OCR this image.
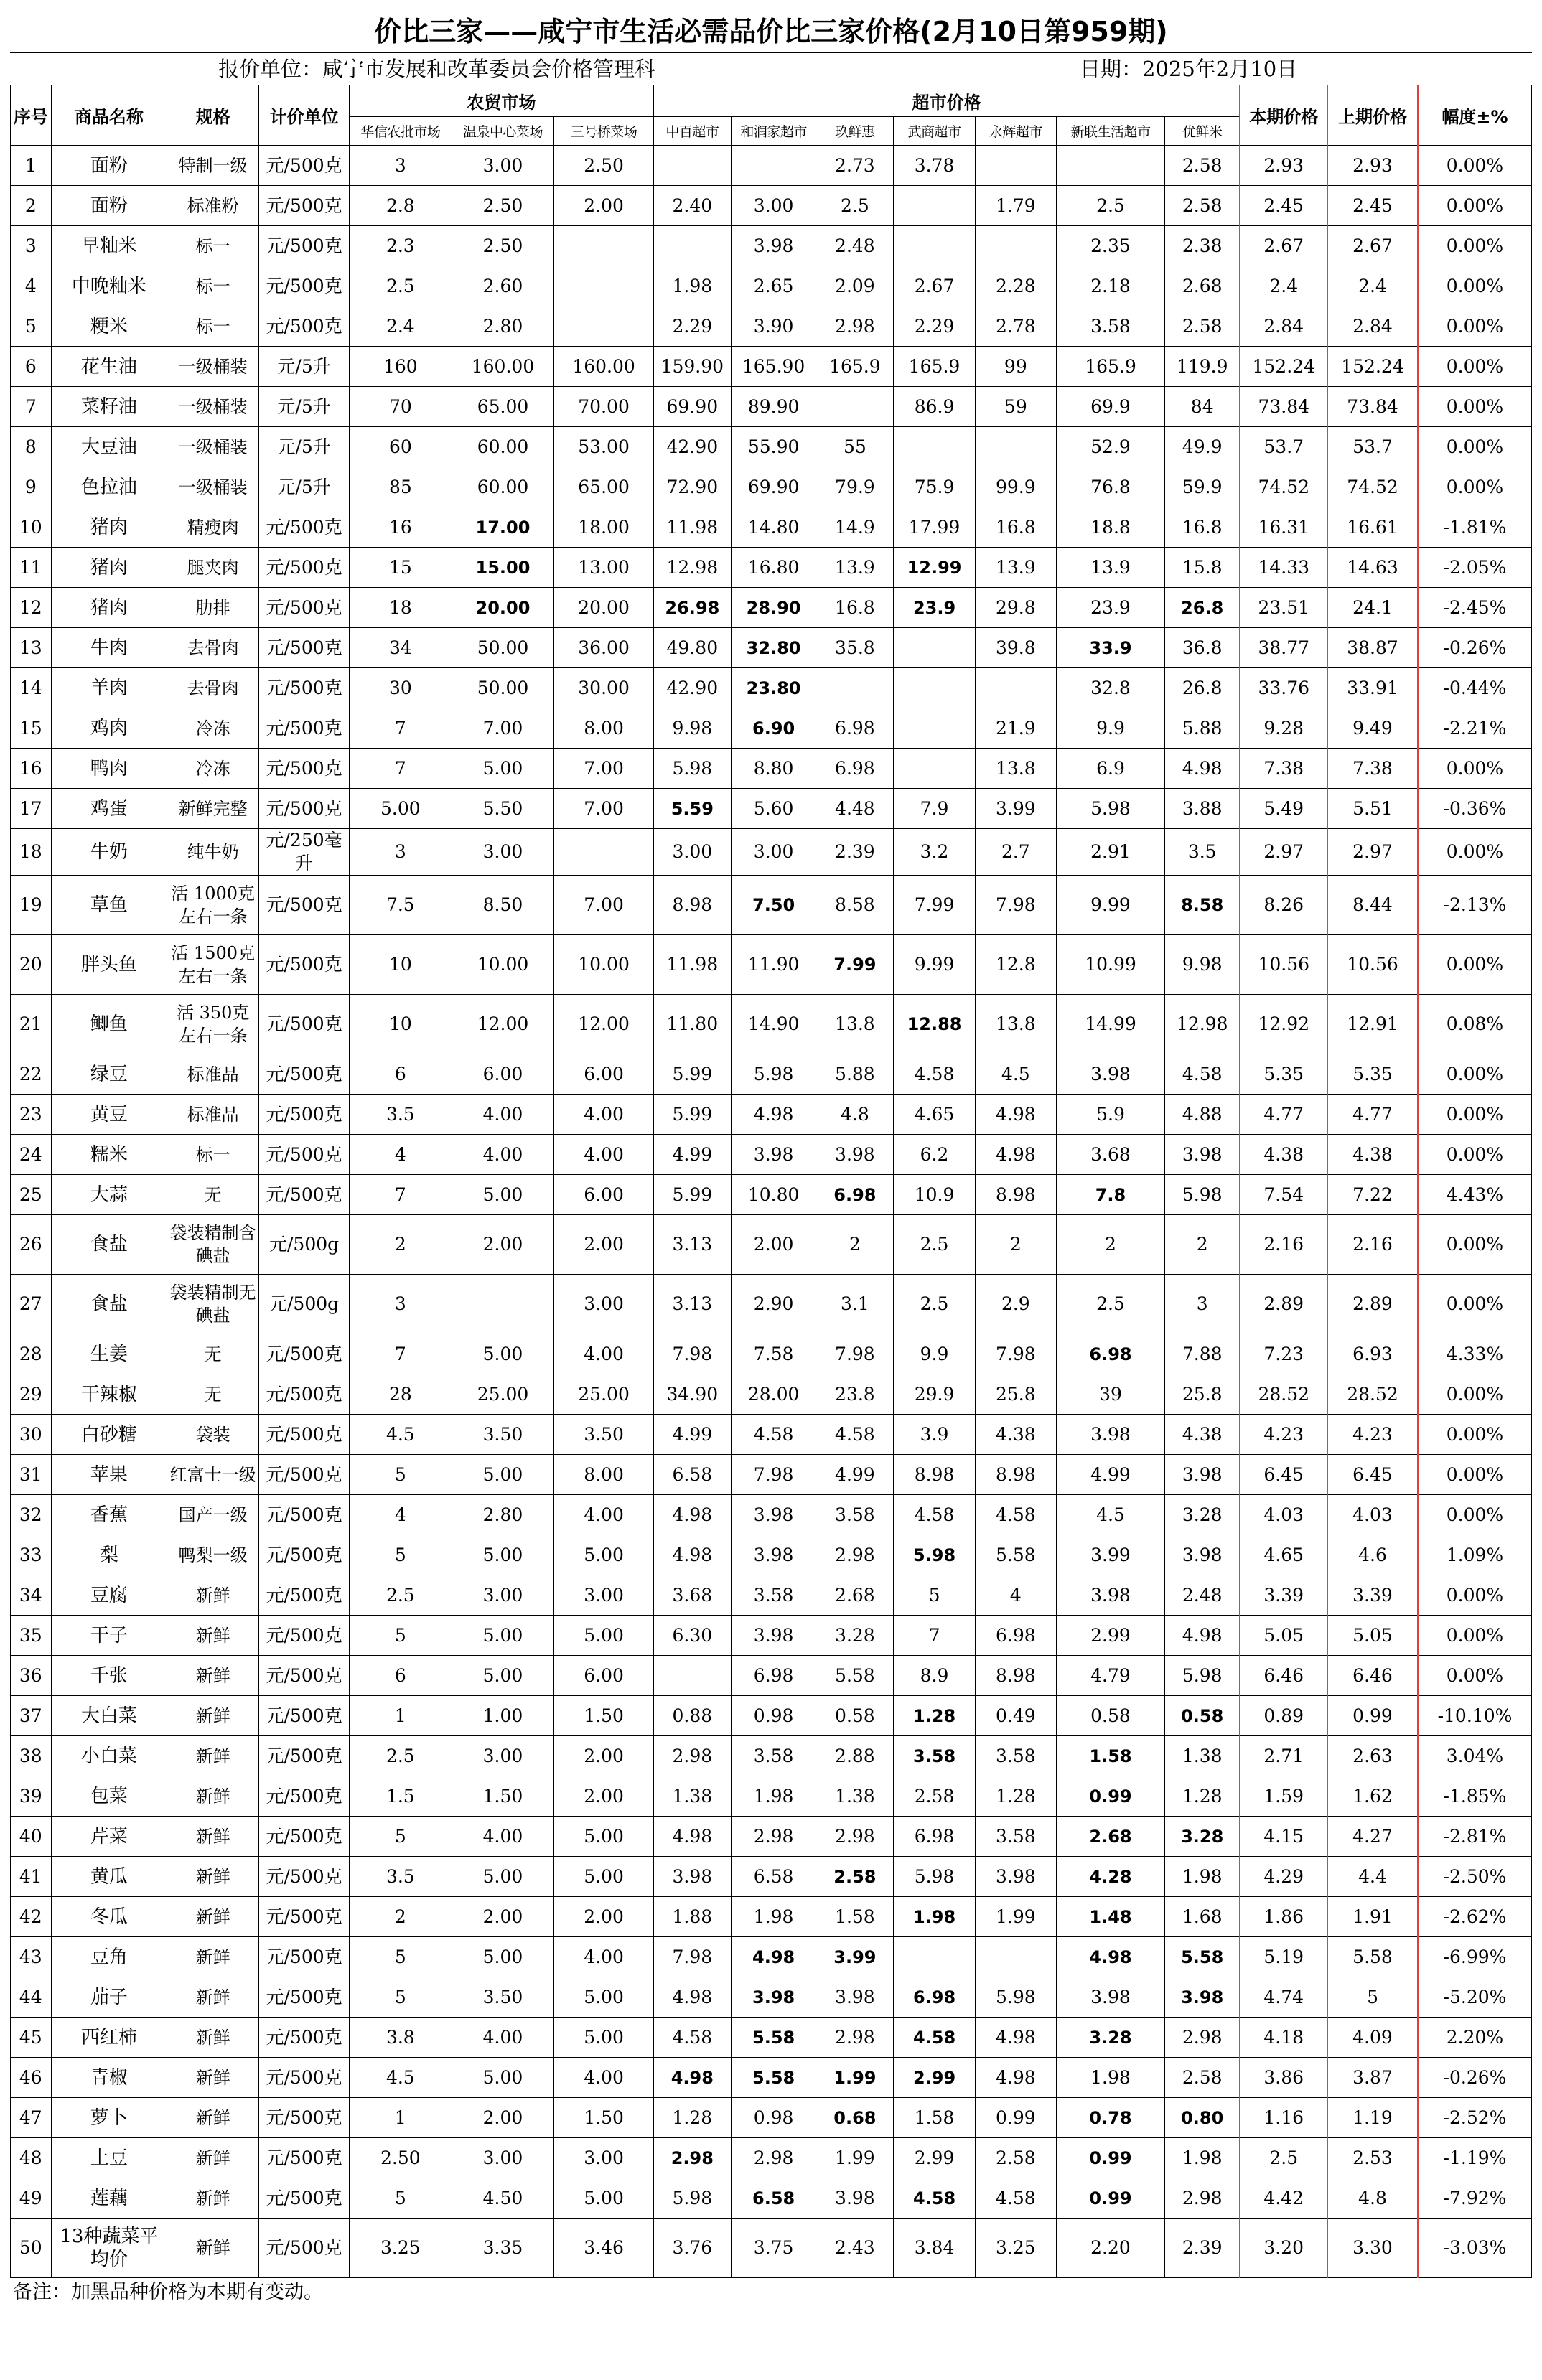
价比三家——咸宁市生活必需品价比三家价格(2月10日第959期)
报价单位：咸宁市发展和改革委员会价格管理科	日期：2025年2月10日
序号	商品名称	规格	计价单位	农贸市场			超市价格							本期价格	上期价格	幅度±%
				华信农批市场	温泉中心菜场	三号桥菜场	中百超市	和润家超市	玖鲜惠	武商超市	永辉超市	新联生活超市	优鲜米			
1	面粉	特制一级	元/500克	3	3.00	2.50			2.73	3.78			2.58	2.93	2.93	0.00%
2	面粉	标准粉	元/500克	2.8	2.50	2.00	2.40	3.00	2.5		1.79	2.5	2.58	2.45	2.45	0.00%
3	早籼米	标一	元/500克	2.3	2.50			3.98	2.48			2.35	2.38	2.67	2.67	0.00%
4	中晚籼米	标一	元/500克	2.5	2.60		1.98	2.65	2.09	2.67	2.28	2.18	2.68	2.4	2.4	0.00%
5	粳米	标一	元/500克	2.4	2.80		2.29	3.90	2.98	2.29	2.78	3.58	2.58	2.84	2.84	0.00%
6	花生油	一级桶装	元/5升	160	160.00	160.00	159.90	165.90	165.9	165.9	99	165.9	119.9	152.24	152.24	0.00%
7	菜籽油	一级桶装	元/5升	70	65.00	70.00	69.90	89.90		86.9	59	69.9	84	73.84	73.84	0.00%
8	大豆油	一级桶装	元/5升	60	60.00	53.00	42.90	55.90	55			52.9	49.9	53.7	53.7	0.00%
9	色拉油	一级桶装	元/5升	85	60.00	65.00	72.90	69.90	79.9	75.9	99.9	76.8	59.9	74.52	74.52	0.00%
10	猪肉	精瘦肉	元/500克	16	17.00	18.00	11.98	14.80	14.9	17.99	16.8	18.8	16.8	16.31	16.61	-1.81%
11	猪肉	腿夹肉	元/500克	15	15.00	13.00	12.98	16.80	13.9	12.99	13.9	13.9	15.8	14.33	14.63	-2.05%
12	猪肉	肋排	元/500克	18	20.00	20.00	26.98	28.90	16.8	23.9	29.8	23.9	26.8	23.51	24.1	-2.45%
13	牛肉	去骨肉	元/500克	34	50.00	36.00	49.80	32.80	35.8		39.8	33.9	36.8	38.77	38.87	-0.26%
14	羊肉	去骨肉	元/500克	30	50.00	30.00	42.90	23.80				32.8	26.8	33.76	33.91	-0.44%
15	鸡肉	冷冻	元/500克	7	7.00	8.00	9.98	6.90	6.98		21.9	9.9	5.88	9.28	9.49	-2.21%
16	鸭肉	冷冻	元/500克	7	5.00	7.00	5.98	8.80	6.98		13.8	6.9	4.98	7.38	7.38	0.00%
17	鸡蛋	新鲜完整	元/500克	5.00	5.50	7.00	5.59	5.60	4.48	7.9	3.99	5.98	3.88	5.49	5.51	-0.36%
18	牛奶	纯牛奶	元/250毫升	3	3.00		3.00	3.00	2.39	3.2	2.7	2.91	3.5	2.97	2.97	0.00%
19	草鱼	活 1000克左右一条	元/500克	7.5	8.50	7.00	8.98	7.50	8.58	7.99	7.98	9.99	8.58	8.26	8.44	-2.13%
20	胖头鱼	活 1500克左右一条	元/500克	10	10.00	10.00	11.98	11.90	7.99	9.99	12.8	10.99	9.98	10.56	10.56	0.00%
21	鲫鱼	活 350克左右一条	元/500克	10	12.00	12.00	11.80	14.90	13.8	12.88	13.8	14.99	12.98	12.92	12.91	0.08%
22	绿豆	标准品	元/500克	6	6.00	6.00	5.99	5.98	5.88	4.58	4.5	3.98	4.58	5.35	5.35	0.00%
23	黄豆	标准品	元/500克	3.5	4.00	4.00	5.99	4.98	4.8	4.65	4.98	5.9	4.88	4.77	4.77	0.00%
24	糯米	标一	元/500克	4	4.00	4.00	4.99	3.98	3.98	6.2	4.98	3.68	3.98	4.38	4.38	0.00%
25	大蒜	无	元/500克	7	5.00	6.00	5.99	10.80	6.98	10.9	8.98	7.8	5.98	7.54	7.22	4.43%
26	食盐	袋装精制含碘盐	元/500g	2	2.00	2.00	3.13	2.00	2	2.5	2	2	2	2.16	2.16	0.00%
27	食盐	袋装精制无碘盐	元/500g	3		3.00	3.13	2.90	3.1	2.5	2.9	2.5	3	2.89	2.89	0.00%
28	生姜	无	元/500克	7	5.00	4.00	7.98	7.58	7.98	9.9	7.98	6.98	7.88	7.23	6.93	4.33%
29	干辣椒	无	元/500克	28	25.00	25.00	34.90	28.00	23.8	29.9	25.8	39	25.8	28.52	28.52	0.00%
30	白砂糖	袋装	元/500克	4.5	3.50	3.50	4.99	4.58	4.58	3.9	4.38	3.98	4.38	4.23	4.23	0.00%
31	苹果	红富士一级	元/500克	5	5.00	8.00	6.58	7.98	4.99	8.98	8.98	4.99	3.98	6.45	6.45	0.00%
32	香蕉	国产一级	元/500克	4	2.80	4.00	4.98	3.98	3.58	4.58	4.58	4.5	3.28	4.03	4.03	0.00%
33	梨	鸭梨一级	元/500克	5	5.00	5.00	4.98	3.98	2.98	5.98	5.58	3.99	3.98	4.65	4.6	1.09%
34	豆腐	新鲜	元/500克	2.5	3.00	3.00	3.68	3.58	2.68	5	4	3.98	2.48	3.39	3.39	0.00%
35	干子	新鲜	元/500克	5	5.00	5.00	6.30	3.98	3.28	7	6.98	2.99	4.98	5.05	5.05	0.00%
36	千张	新鲜	元/500克	6	5.00	6.00		6.98	5.58	8.9	8.98	4.79	5.98	6.46	6.46	0.00%
37	大白菜	新鲜	元/500克	1	1.00	1.50	0.88	0.98	0.58	1.28	0.49	0.58	0.58	0.89	0.99	-10.10%
38	小白菜	新鲜	元/500克	2.5	3.00	2.00	2.98	3.58	2.88	3.58	3.58	1.58	1.38	2.71	2.63	3.04%
39	包菜	新鲜	元/500克	1.5	1.50	2.00	1.38	1.98	1.38	2.58	1.28	0.99	1.28	1.59	1.62	-1.85%
40	芹菜	新鲜	元/500克	5	4.00	5.00	4.98	2.98	2.98	6.98	3.58	2.68	3.28	4.15	4.27	-2.81%
41	黄瓜	新鲜	元/500克	3.5	5.00	5.00	3.98	6.58	2.58	5.98	3.98	4.28	1.98	4.29	4.4	-2.50%
42	冬瓜	新鲜	元/500克	2	2.00	2.00	1.88	1.98	1.58	1.98	1.99	1.48	1.68	1.86	1.91	-2.62%
43	豆角	新鲜	元/500克	5	5.00	4.00	7.98	4.98	3.99			4.98	5.58	5.19	5.58	-6.99%
44	茄子	新鲜	元/500克	5	3.50	5.00	4.98	3.98	3.98	6.98	5.98	3.98	3.98	4.74	5	-5.20%
45	西红柿	新鲜	元/500克	3.8	4.00	5.00	4.58	5.58	2.98	4.58	4.98	3.28	2.98	4.18	4.09	2.20%
46	青椒	新鲜	元/500克	4.5	5.00	4.00	4.98	5.58	1.99	2.99	4.98	1.98	2.58	3.86	3.87	-0.26%
47	萝卜	新鲜	元/500克	1	2.00	1.50	1.28	0.98	0.68	1.58	0.99	0.78	0.80	1.16	1.19	-2.52%
48	土豆	新鲜	元/500克	2.50	3.00	3.00	2.98	2.98	1.99	2.99	2.58	0.99	1.98	2.5	2.53	-1.19%
49	莲藕	新鲜	元/500克	5	4.50	5.00	5.98	6.58	3.98	4.58	4.58	0.99	2.98	4.42	4.8	-7.92%
50	13种蔬菜平均价	新鲜	元/500克	3.25	3.35	3.46	3.76	3.75	2.43	3.84	3.25	2.20	2.39	3.20	3.30	-3.03%
备注：加黑品种价格为本期有变动。
